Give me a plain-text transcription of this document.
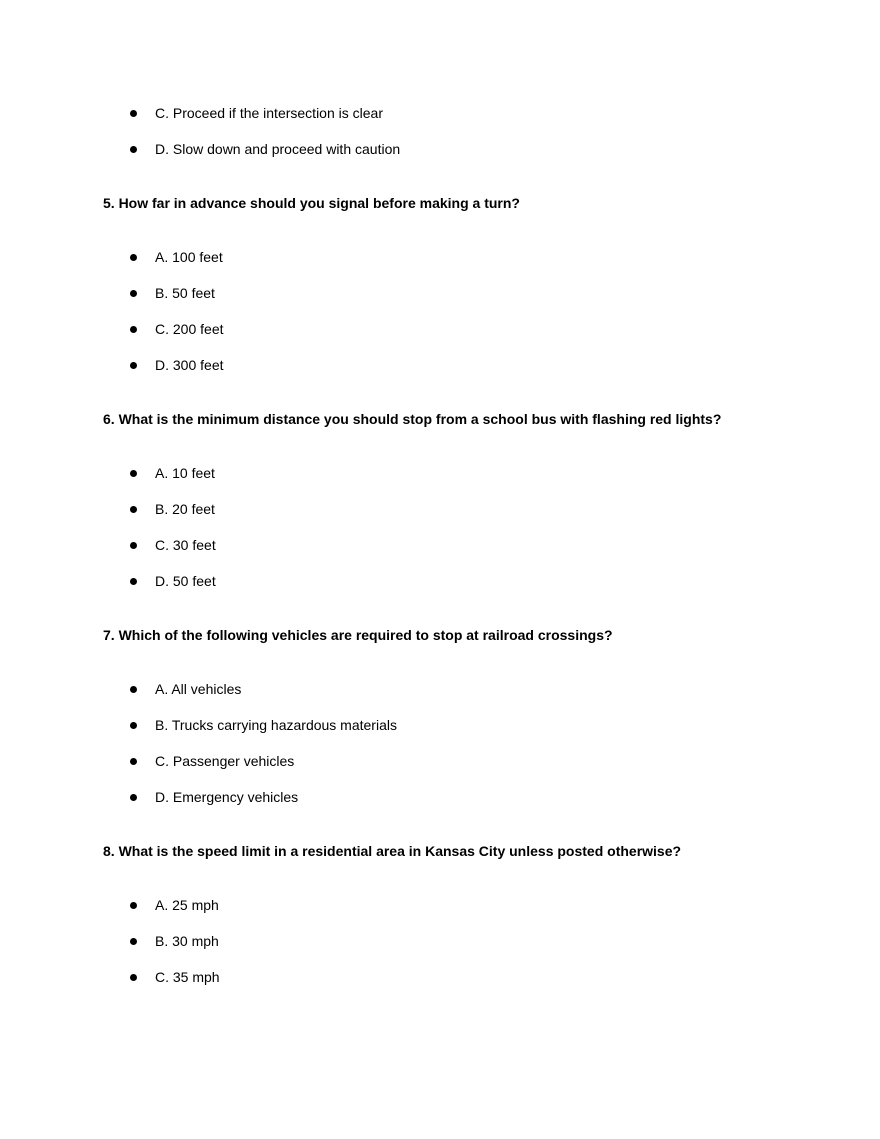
C. Proceed if the intersection is clear
D. Slow down and proceed with caution

5. How far in advance should you signal before making a turn?

A. 100 feet
B. 50 feet
C. 200 feet
D. 300 feet

6. What is the minimum distance you should stop from a school bus with flashing red lights?

A. 10 feet
B. 20 feet
C. 30 feet
D. 50 feet

7. Which of the following vehicles are required to stop at railroad crossings?

A. All vehicles
B. Trucks carrying hazardous materials
C. Passenger vehicles
D. Emergency vehicles

8. What is the speed limit in a residential area in Kansas City unless posted otherwise?

A. 25 mph
B. 30 mph
C. 35 mph
